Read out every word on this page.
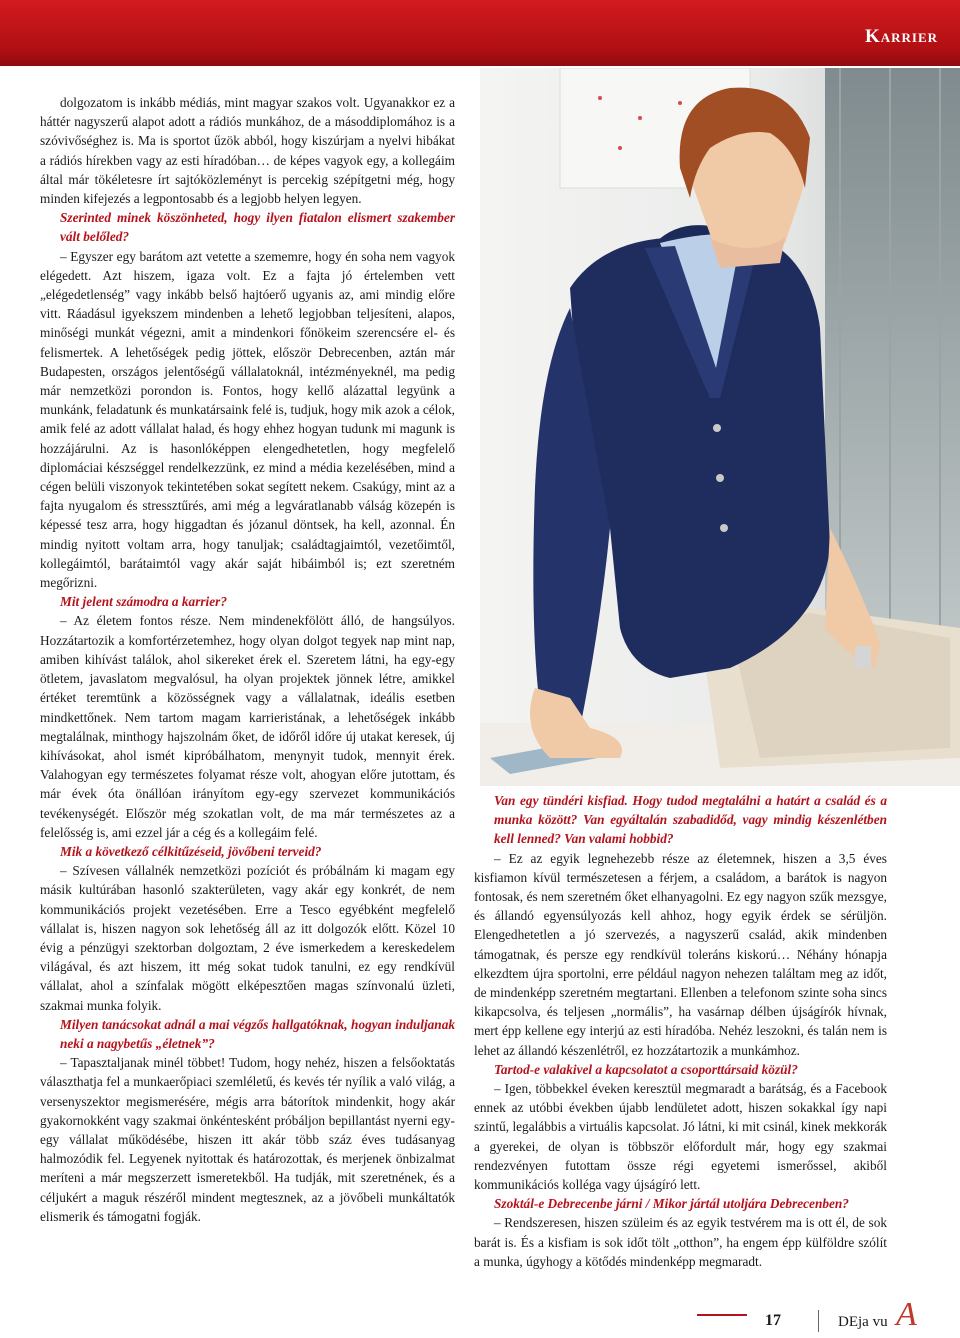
Karrier

dolgozatom is inkább médiás, mint magyar szakos volt. Ugyanakkor ez a háttér nagyszerű alapot adott a rádiós munkához, de a másoddiplomához is a szóvivőséghez is. Ma is sportot űzök abból, hogy kiszúrjam a nyelvi hibákat a rádiós hírekben vagy az esti híradóban… de képes vagyok egy, a kollegáim által már tökéletesre írt sajtóközleményt is percekig szépítgetni még, hogy minden kifejezés a legpontosabb és a legjobb helyen legyen.

Szerinted minek köszönheted, hogy ilyen fiatalon elismert szakember vált belőled?

– Egyszer egy barátom azt vetette a szememre, hogy én soha nem vagyok elégedett. Azt hiszem, igaza volt. Ez a fajta jó értelemben vett „elégedetlenség” vagy inkább belső hajtóerő ugyanis az, ami mindig előre vitt. Ráadásul igyekszem mindenben a lehető legjobban teljesíteni, alapos, minőségi munkát végezni, amit a mindenkori főnökeim szerencsére el- és felismertek. A lehetőségek pedig jöttek, először Debrecenben, aztán már Budapesten, országos jelentőségű vállalatoknál, intézményeknél, ma pedig már nemzetközi porondon is. Fontos, hogy kellő alázattal legyünk a munkánk, feladatunk és munkatársaink felé is, tudjuk, hogy mik azok a célok, amik felé az adott vállalat halad, és hogy ehhez hogyan tudunk mi magunk is hozzájárulni. Az is hasonlóképpen elengedhetetlen, hogy megfelelő diplomáciai készséggel rendelkezzünk, ez mind a média kezelésében, mind a cégen belüli viszonyok tekintetében sokat segített nekem. Csakúgy, mint az a fajta nyugalom és stressztűrés, ami még a legváratlanabb válság közepén is képessé tesz arra, hogy higgadtan és józanul döntsek, ha kell, azonnal. Én mindig nyitott voltam arra, hogy tanuljak; családtagjaimtól, vezetőimtől, kollegáimtól, barátaimtól vagy akár saját hibáimból is; ezt szeretném megőrizni.

Mit jelent számodra a karrier?

– Az életem fontos része. Nem mindenekfölött álló, de hangsúlyos. Hozzátartozik a komfortérzetemhez, hogy olyan dolgot tegyek nap mint nap, amiben kihívást találok, ahol sikereket érek el. Szeretem látni, ha egy-egy ötletem, javaslatom megvalósul, ha olyan projektek jönnek létre, amikkel értéket teremtünk a közösségnek vagy a vállalatnak, ideális esetben mindkettőnek. Nem tartom magam karrieristának, a lehetőségek inkább megtalálnak, minthogy hajszolnám őket, de időről időre új utakat keresek, új kihívásokat, ahol ismét kipróbálhatom, menynyit tudok, mennyit érek. Valahogyan egy természetes folyamat része volt, ahogyan előre jutottam, és már évek óta önállóan irányítom egy-egy szervezet kommunikációs tevékenységét. Először még szokatlan volt, de ma már természetes az a felelősség is, ami ezzel jár a cég és a kollegáim felé.

Mik a következő célkitűzéseid, jövőbeni terveid?

– Szívesen vállalnék nemzetközi pozíciót és próbálnám ki magam egy másik kultúrában hasonló szakterületen, vagy akár egy konkrét, de nem kommunikációs projekt vezetésében. Erre a Tesco egyébként megfelelő vállalat is, hiszen nagyon sok lehetőség áll az itt dolgozók előtt. Közel 10 évig a pénzügyi szektorban dolgoztam, 2 éve ismerkedem a kereskedelem világával, és azt hiszem, itt még sokat tudok tanulni, ez egy rendkívül vállalat, ahol a színfalak mögött elképesztően magas színvonalú üzleti, szakmai munka folyik.

Milyen tanácsokat adnál a mai végzős hallgatóknak, hogyan induljanak neki a nagybetűs „életnek”?

– Tapasztaljanak minél többet! Tudom, hogy nehéz, hiszen a felsőoktatás választhatja fel a munkaerőpiaci szemléletű, és kevés tér nyílik a való világ, a versenyszektor megismerésére, mégis arra bátorítok mindenkit, hogy akár gyakornokként vagy szakmai önkéntesként próbáljon bepillantást nyerni egy-egy vállalat működésébe, hiszen itt akár több száz éves tudásanyag halmozódik fel. Legyenek nyitottak és határozottak, és merjenek önbizalmat meríteni a már megszerzett ismeretekből. Ha tudják, mit szeretnének, és a céljukért a maguk részéről mindent megtesznek, az a jövőbeli munkáltatók elismerik és támogatni fogják.

Van egy tündéri kisfiad. Hogy tudod megtalálni a határt a család és a munka között? Van egyáltalán szabadidőd, vagy mindig készenlétben kell lenned? Van valami hobbid?

– Ez az egyik legnehezebb része az életemnek, hiszen a 3,5 éves kisfiamon kívül természetesen a férjem, a családom, a barátok is nagyon fontosak, és nem szeretném őket elhanyagolni. Ez egy nagyon szűk mezsgye, és állandó egyensúlyozás kell ahhoz, hogy egyik érdek se sérüljön. Elengedhetetlen a jó szervezés, a nagyszerű család, akik mindenben támogatnak, és persze egy rendkívül toleráns kiskorú… Néhány hónapja elkezdtem újra sportolni, erre például nagyon nehezen találtam meg az időt, de mindenképp szeretném megtartani. Ellenben a telefonom szinte soha sincs kikapcsolva, és teljesen „normális”, ha vasárnap délben újságírók hívnak, mert épp kellene egy interjú az esti híradóba. Nehéz leszokni, és talán nem is lehet az állandó készenlétről, ez hozzátartozik a munkámhoz.

Tartod-e valakivel a kapcsolatot a csoporttársaid közül?

– Igen, többekkel éveken keresztül megmaradt a barátság, és a Facebook ennek az utóbbi években újabb lendületet adott, hiszen sokakkal így napi szintű, legalábbis a virtuális kapcsolat. Jó látni, ki mit csinál, kinek mekkorák a gyerekei, de olyan is többször előfordult már, hogy egy szakmai rendezvényen futottam össze régi egyetemi ismerőssel, akiből kommunikációs kolléga vagy újságíró lett.

Szoktál-e Debrecenbe járni / Mikor jártál utoljára Debrecenben?

– Rendszeresen, hiszen szüleim és az egyik testvérem ma is ott él, de sok barát is. És a kisfiam is sok időt tölt „otthon”, ha engem épp külföldre szólít a munka, úgyhogy a kötődés mindenképp megmaradt.

17	DEja vu A
